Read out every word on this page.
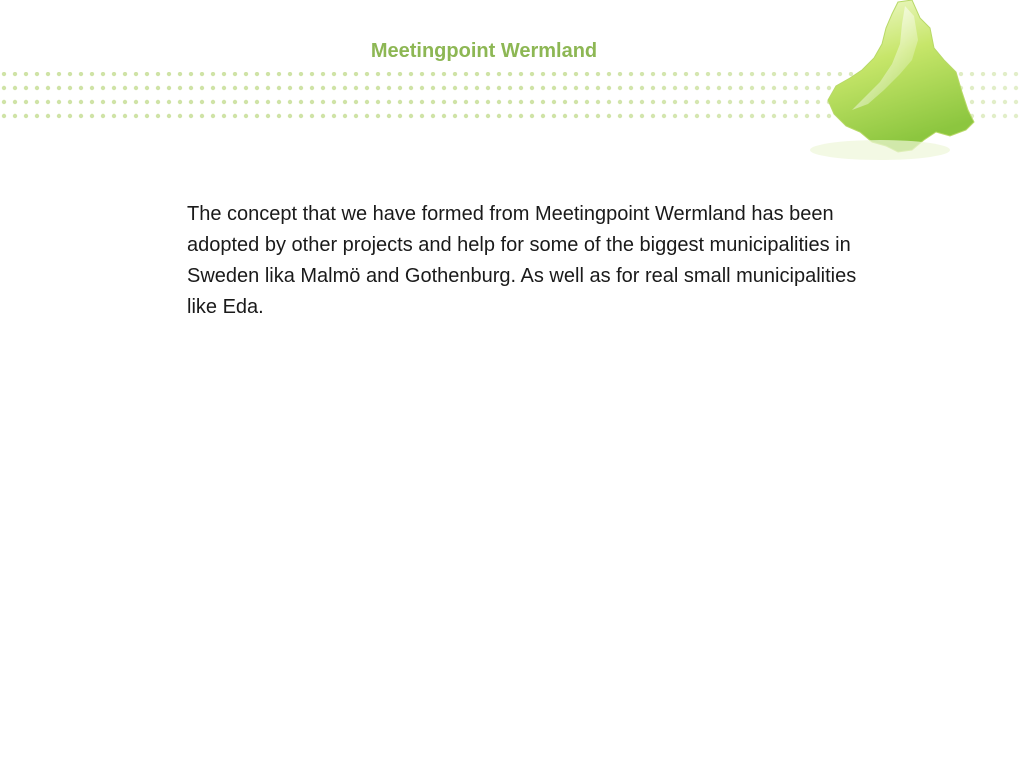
Meetingpoint Wermland
The concept that we have formed from Meetingpoint Wermland has been adopted by other projects and help for some of the biggest municipalities in Sweden lika Malmö and Gothenburg. As well as for real small municipalities like Eda.
